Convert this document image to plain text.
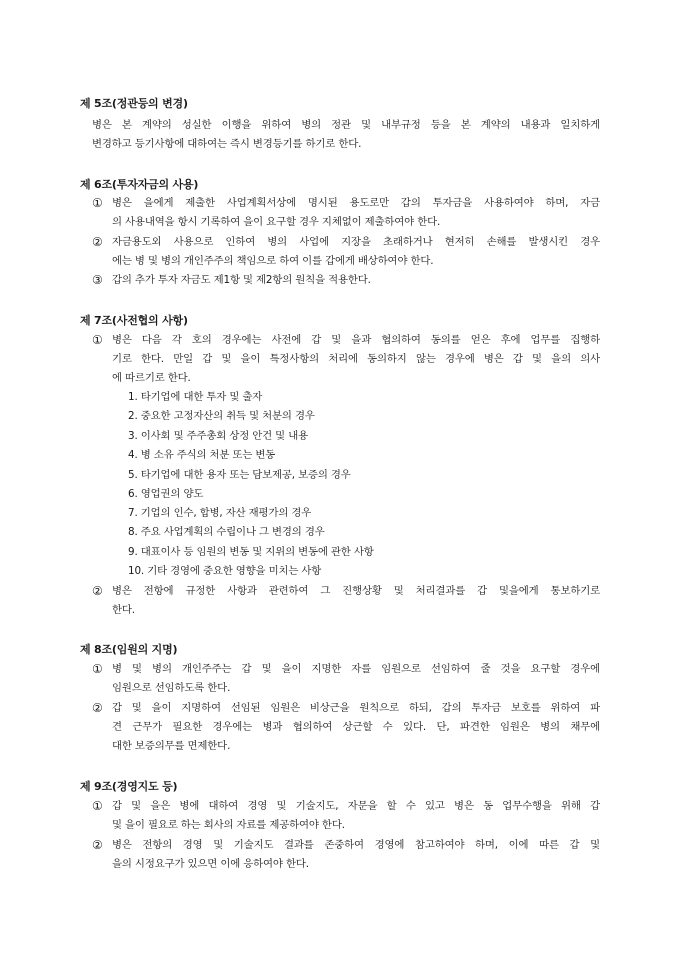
제 5조(정관등의 변경)
병은 본 계약의 성실한 이행을 위하여 병의 정관 및 내부규정 등을 본 계약의 내용과 일치하게
변경하고 등기사항에 대하여는 즉시 변경등기를 하기로 한다.
제 6조(투자자금의 사용)
① 병은 을에게 제출한 사업계획서상에 명시된 용도로만 갑의 투자금을 사용하여야 하며, 자금
의 사용내역을 항시 기록하여 을이 요구할 경우 지체없이 제출하여야 한다.
② 자금용도외 사용으로 인하여 병의 사업에 지장을 초래하거나 현저히 손해를 발생시킨 경우
에는 병 및 병의 개인주주의 책임으로 하여 이를 갑에게 배상하여야 한다.
③ 갑의 추가 투자 자금도 제1항 및 제2항의 원칙을 적용한다.
제 7조(사전협의 사항)
① 병은 다음 각 호의 경우에는 사전에 갑 및 을과 협의하여 동의를 얻은 후에 업무를 집행하
기로 한다. 만일 갑 및 을이 특정사항의 처리에 동의하지 않는 경우에 병은 갑 및 을의 의사
에 따르기로 한다.
1. 타기업에 대한 투자 및 출자
2. 중요한 고정자산의 취득 및 처분의 경우
3. 이사회 및 주주총회 상정 안건 및 내용
4. 병 소유 주식의 처분 또는 변동
5. 타기업에 대한 용자 또는 담보제공, 보증의 경우
6. 영업권의 양도
7. 기업의 인수, 합병, 자산 재평가의 경우
8. 주요 사업계획의 수립이나 그 변경의 경우
9. 대표이사 등 임원의 변동 및 지위의 변동에 관한 사항
10. 기타 경영에 중요한 영향을 미치는 사항
② 병은 전항에 규정한 사항과 관련하여 그 진행상황 및 처리결과를 갑 및을에게 통보하기로
한다.
제 8조(임원의 지명)
① 병 및 병의 개인주주는 갑 및 을이 지명한 자를 임원으로 선임하여 줄 것을 요구할 경우에
임원으로 선임하도록 한다.
② 갑 및 을이 지명하여 선임된 임원은 비상근을 원칙으로 하되, 갑의 투자금 보호를 위하여 파
견 근무가 필요한 경우에는 병과 협의하여 상근할 수 있다. 단, 파견한 임원은 병의 채무에
대한 보증의무를 면제한다.
제 9조(경영지도 등)
① 갑 및 을은 병에 대하여 경영 및 기술지도, 자문을 할 수 있고 병은 동 업무수행을 위해 갑
및 을이 필요로 하는 회사의 자료를 제공하여야 한다.
② 병은 전항의 경영 및 기술지도 결과를 존중하여 경영에 참고하여야 하며, 이에 따른 갑 및
을의 시정요구가 있으면 이에 응하여야 한다.
